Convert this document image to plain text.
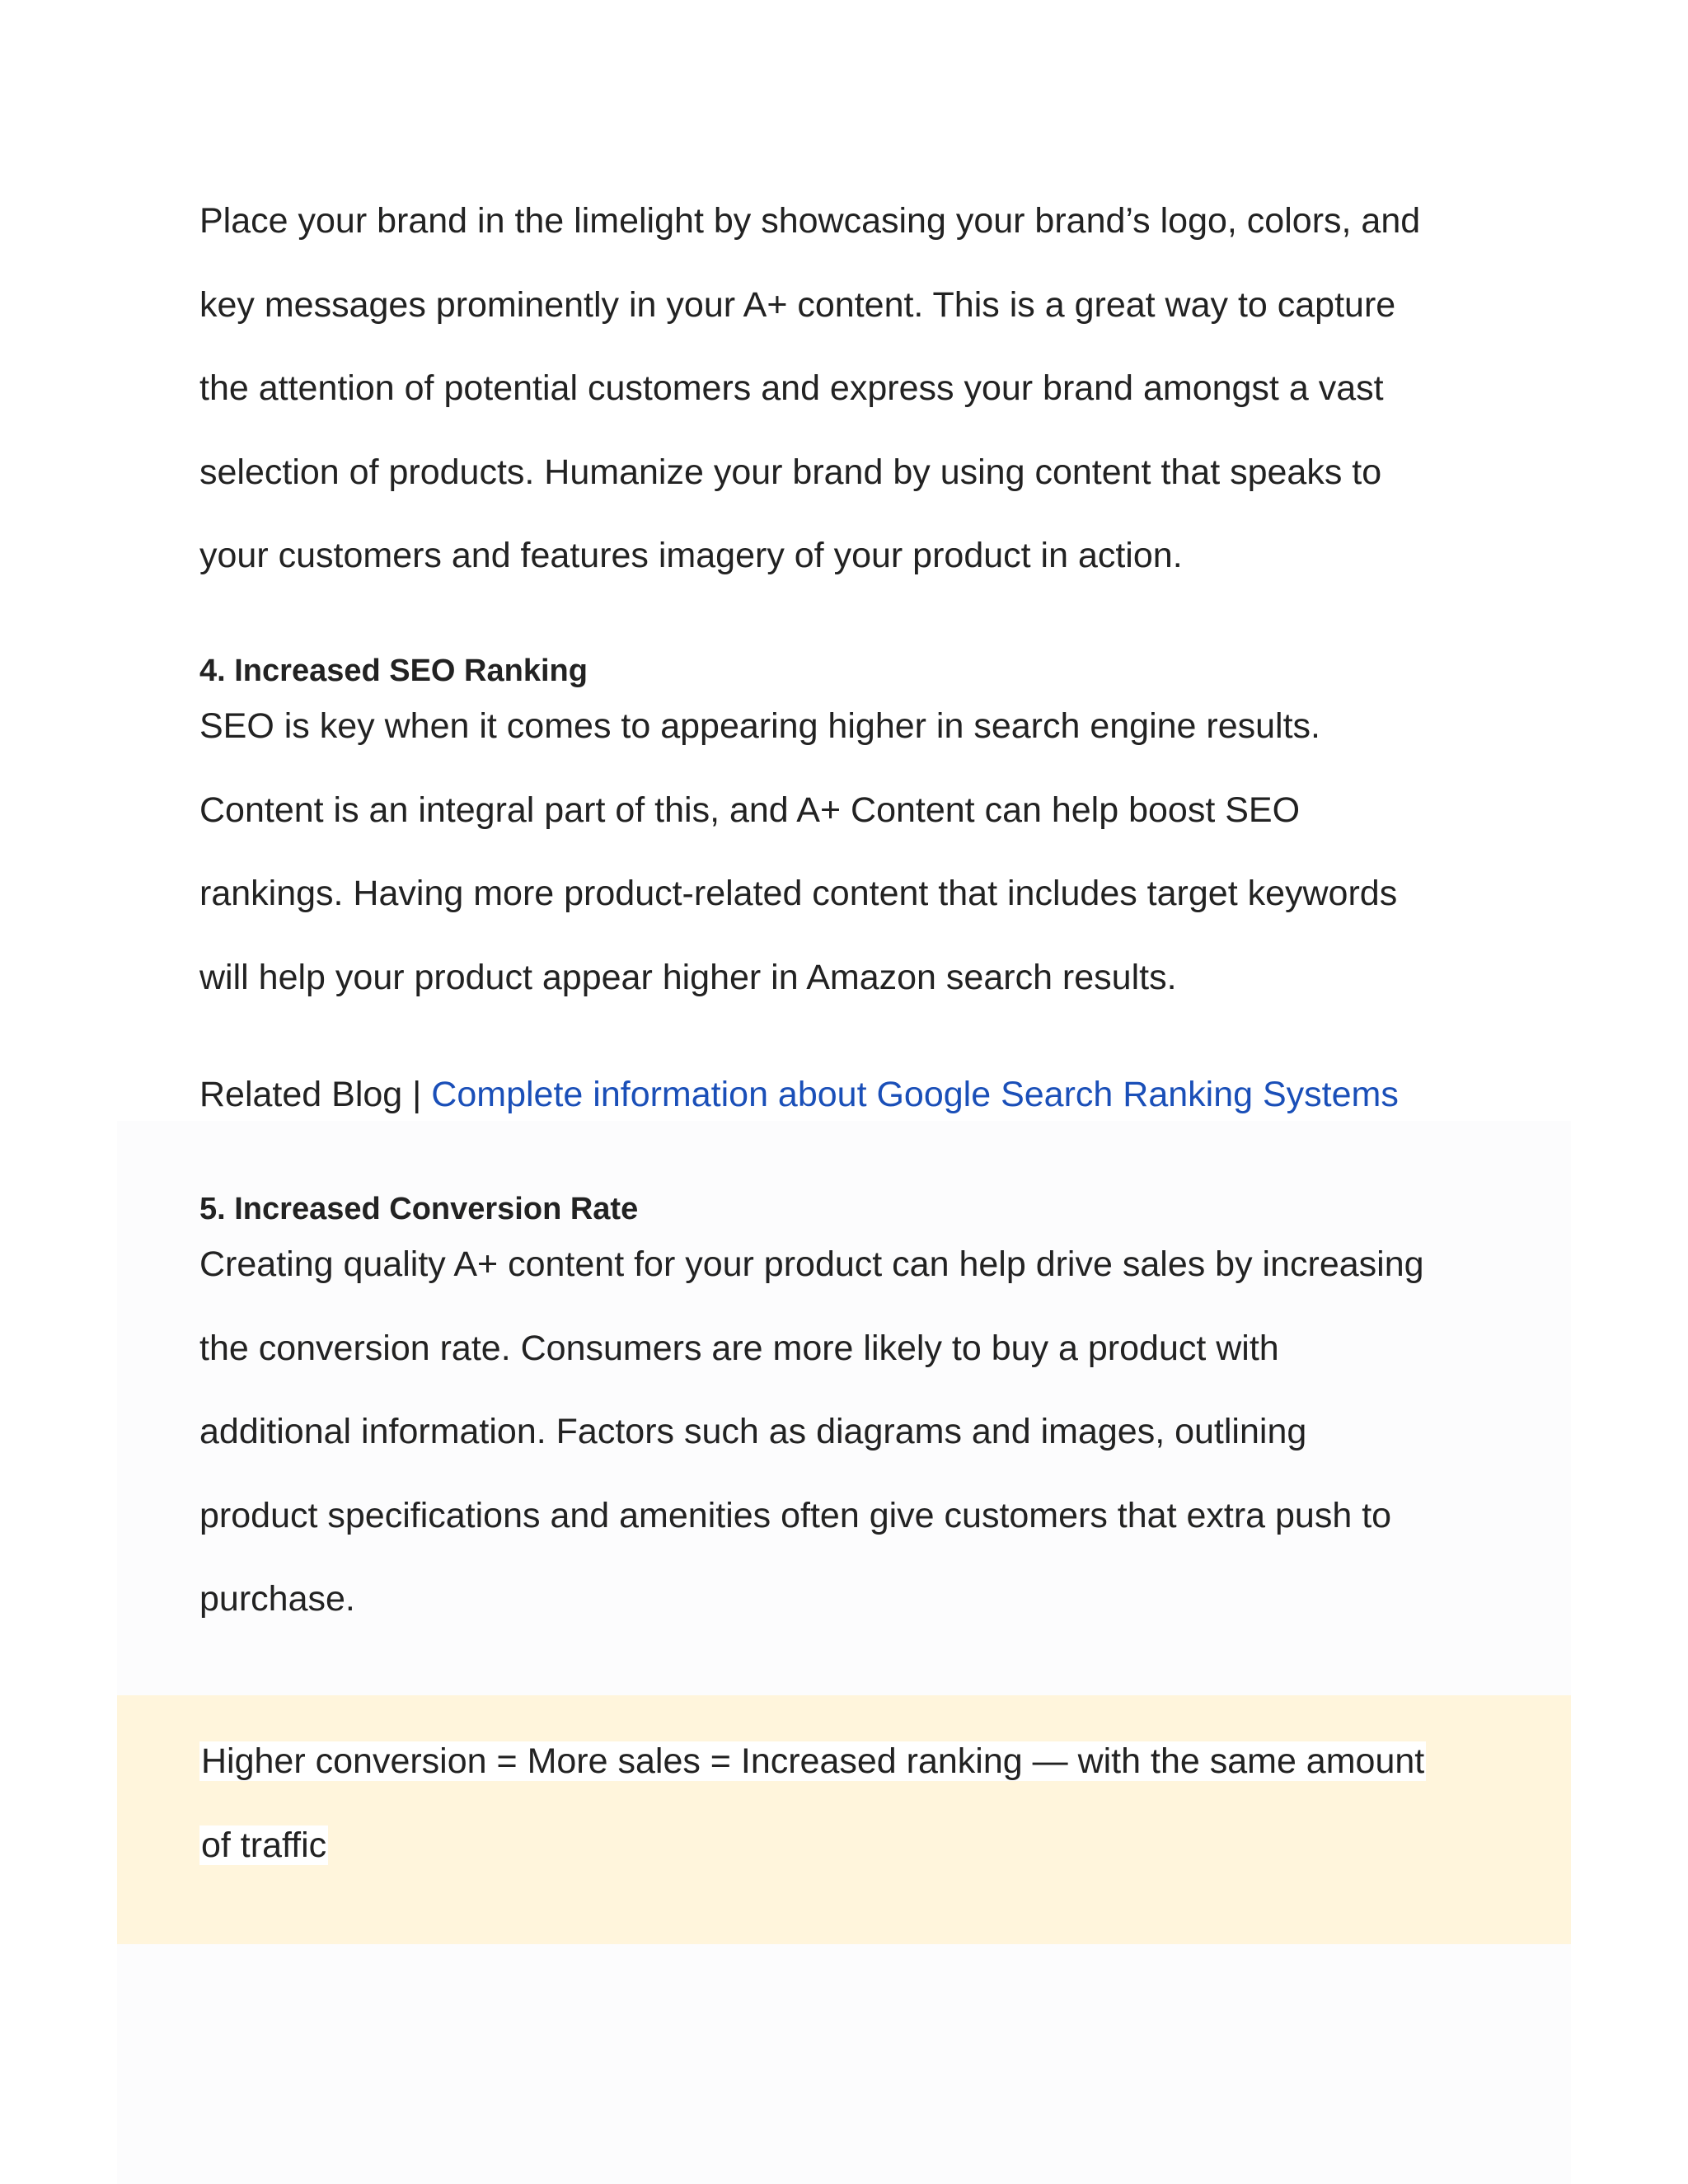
Place your brand in the limelight by showcasing your brand’s logo, colors, and
key messages prominently in your A+ content. This is a great way to capture
the attention of potential customers and express your brand amongst a vast
selection of products. Humanize your brand by using content that speaks to
your customers and features imagery of your product in action.
4. Increased SEO Ranking
SEO is key when it comes to appearing higher in search engine results.
Content is an integral part of this, and A+ Content can help boost SEO
rankings. Having more product-related content that includes target keywords
will help your product appear higher in Amazon search results.

Related Blog | Complete information about Google Search Ranking Systems

5. Increased Conversion Rate
Creating quality A+ content for your product can help drive sales by increasing
the conversion rate. Consumers are more likely to buy a product with
additional information. Factors such as diagrams and images, outlining
product specifications and amenities often give customers that extra push to
purchase.
Higher conversion = More sales = Increased ranking — with the same amount
of traffic
